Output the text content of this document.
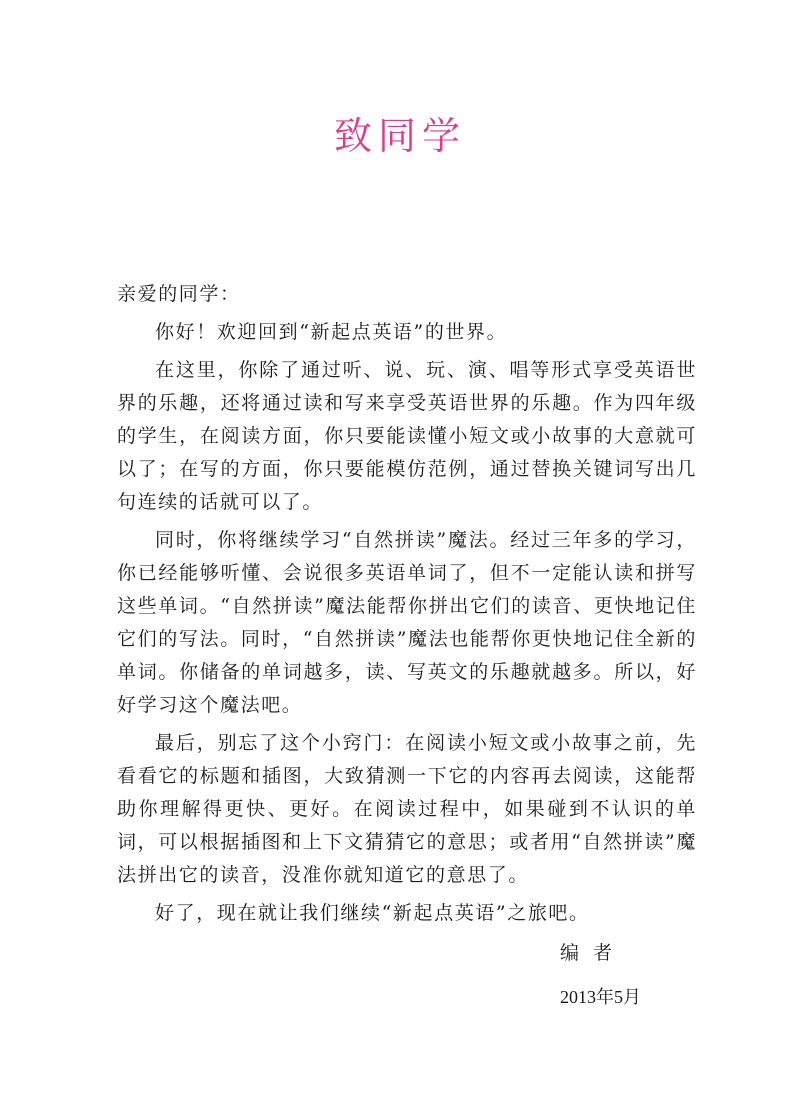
致同学

亲爱的同学：

你好！欢迎回到“新起点英语”的世界。

在这里，你除了通过听、说、玩、演、唱等形式享受英语世界的乐趣，还将通过读和写来享受英语世界的乐趣。作为四年级的学生，在阅读方面，你只要能读懂小短文或小故事的大意就可以了；在写的方面，你只要能模仿范例，通过替换关键词写出几句连续的话就可以了。

同时，你将继续学习“自然拼读”魔法。经过三年多的学习，你已经能够听懂、会说很多英语单词了，但不一定能认读和拼写这些单词。“自然拼读”魔法能帮你拼出它们的读音、更快地记住它们的写法。同时，“自然拼读”魔法也能帮你更快地记住全新的单词。你储备的单词越多，读、写英文的乐趣就越多。所以，好好学习这个魔法吧。

最后，别忘了这个小窍门：在阅读小短文或小故事之前，先看看它的标题和插图，大致猜测一下它的内容再去阅读，这能帮助你理解得更快、更好。在阅读过程中，如果碰到不认识的单词，可以根据插图和上下文猜猜它的意思；或者用“自然拼读”魔法拼出它的读音，没准你就知道它的意思了。

好了，现在就让我们继续“新起点英语”之旅吧。

编者
2013年5月
